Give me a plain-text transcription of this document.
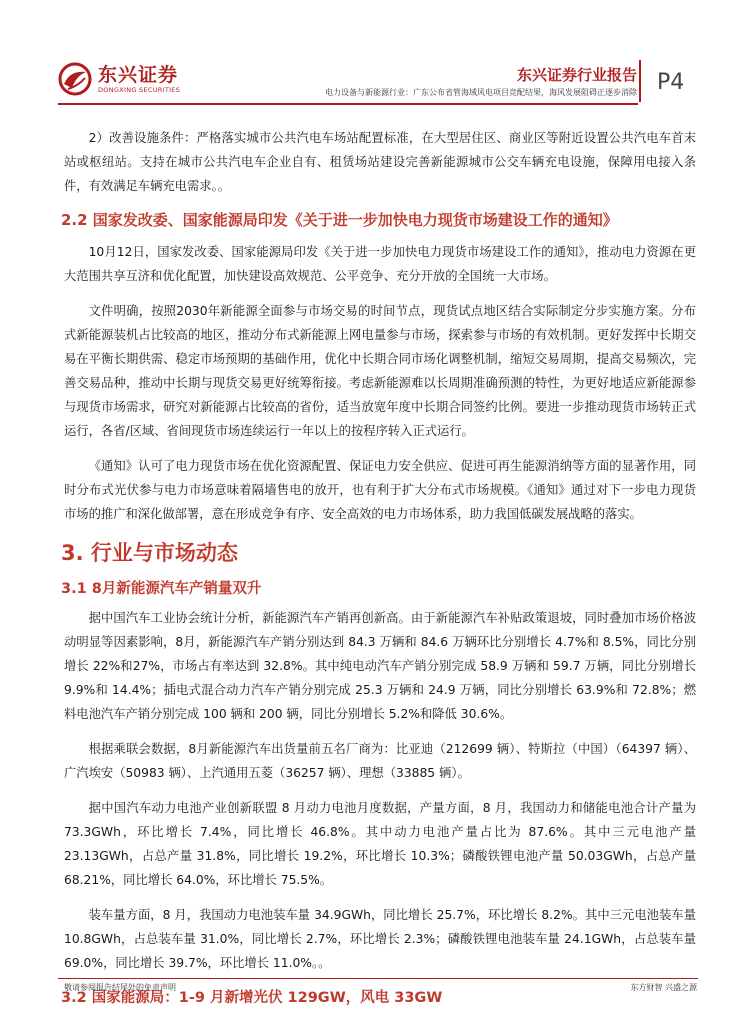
东兴证券
DONGXING SECURITIES
东兴证券行业报告
电力设备与新能源行业：广东公布省管海域风电项目竞配结果，海风发展阻碍正逐步消除 P4

2）改善设施条件：严格落实城市公共汽电车场站配置标准，在大型居住区、商业区等附近设置公共汽电车首末站或枢纽站。支持在城市公共汽电车企业自有、租赁场站建设完善新能源城市公交车辆充电设施，保障用电接入条件，有效满足车辆充电需求。。

2.2 国家发改委、国家能源局印发《关于进一步加快电力现货市场建设工作的通知》

10月12日，国家发改委、国家能源局印发《关于进一步加快电力现货市场建设工作的通知》，推动电力资源在更大范围共享互济和优化配置，加快建设高效规范、公平竞争、充分开放的全国统一大市场。

文件明确，按照2030年新能源全面参与市场交易的时间节点，现货试点地区结合实际制定分步实施方案。分布式新能源装机占比较高的地区，推动分布式新能源上网电量参与市场，探索参与市场的有效机制。更好发挥中长期交易在平衡长期供需、稳定市场预期的基础作用，优化中长期合同市场化调整机制，缩短交易周期，提高交易频次，完善交易品种，推动中长期与现货交易更好统筹衔接。考虑新能源难以长周期准确预测的特性，为更好地适应新能源参与现货市场需求，研究对新能源占比较高的省份，适当放宽年度中长期合同签约比例。要进一步推动现货市场转正式运行，各省/区域、省间现货市场连续运行一年以上的按程序转入正式运行。

《通知》认可了电力现货市场在优化资源配置、保证电力安全供应、促进可再生能源消纳等方面的显著作用，同时分布式光伏参与电力市场意味着隔墙售电的放开，也有利于扩大分布式市场规模。《通知》通过对下一步电力现货市场的推广和深化做部署，意在形成竞争有序、安全高效的电力市场体系，助力我国低碳发展战略的落实。

3. 行业与市场动态
3.1 8月新能源汽车产销量双升

据中国汽车工业协会统计分析，新能源汽车产销再创新高。由于新能源汽车补贴政策退坡，同时叠加市场价格波动明显等因素影响，8月，新能源汽车产销分别达到 84.3 万辆和 84.6 万辆环比分别增长 4.7%和 8.5%，同比分别增长 22%和27%，市场占有率达到 32.8%。其中纯电动汽车产销分别完成 58.9 万辆和 59.7 万辆，同比分别增长 9.9%和 14.4%；插电式混合动力汽车产销分别完成 25.3 万辆和 24.9 万辆，同比分别增长 63.9%和 72.8%；燃料电池汽车产销分别完成 100 辆和 200 辆，同比分别增长 5.2%和降低 30.6%。

根据乘联会数据，8月新能源汽车出货量前五名厂商为：比亚迪（212699 辆）、特斯拉（中国）（64397 辆）、广汽埃安（50983 辆）、上汽通用五菱（36257 辆）、理想（33885 辆）。

据中国汽车动力电池产业创新联盟 8 月动力电池月度数据，产量方面，8 月，我国动力和储能电池合计产量为 73.3GWh，环比增长 7.4%，同比增长 46.8%。其中动力电池产量占比为 87.6%。其中三元电池产量 23.13GWh，占总产量 31.8%，同比增长 19.2%，环比增长 10.3%；磷酸铁锂电池产量 50.03GWh，占总产量 68.21%，同比增长 64.0%，环比增长 75.5%。

装车量方面，8 月，我国动力电池装车量 34.9GWh，同比增长 25.7%，环比增长 8.2%。其中三元电池装车量 10.8GWh，占总装车量 31.0%，同比增长 2.7%，环比增长 2.3%；磷酸铁锂电池装车量 24.1GWh，占总装车量 69.0%，同比增长 39.7%，环比增长 11.0%。。

3.2 国家能源局：1-9 月新增光伏 129GW，风电 33GW
敬请参阅报告结尾处的免责声明	东方财智 兴盛之源
